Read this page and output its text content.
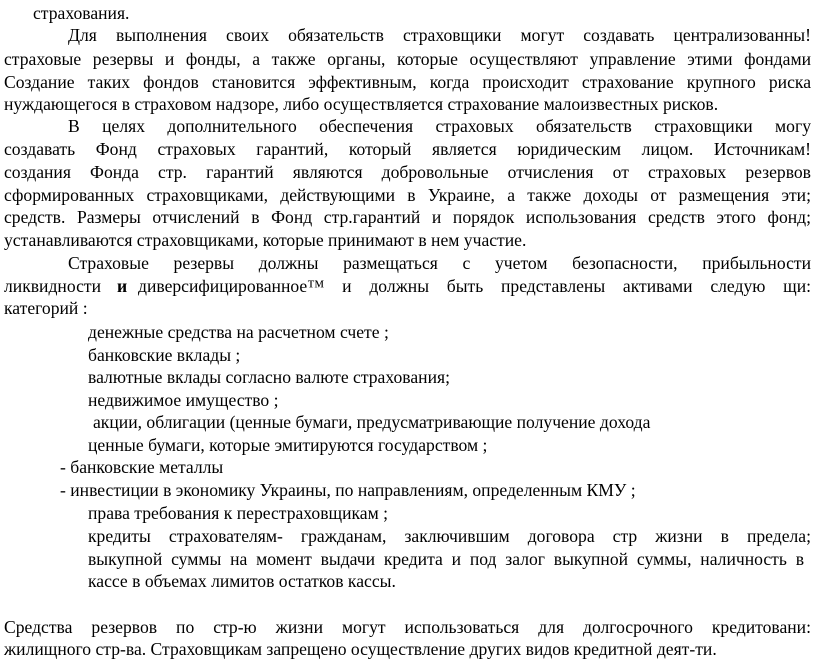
страхования.
Для выполнения своих обязательств страховщики могут создавать централизованны!
страховые резервы и фонды, а также органы, которые осуществляют управление этими фондами
Создание таких фондов становится эффективным, когда происходит страхование крупного риска
нуждающегося в страховом надзоре, либо осуществляется страхование малоизвестных рисков.
В целях дополнительного обеспечения страховых обязательств страховщики могу
создавать Фонд страховых гарантий, который является юридическим лицом. Источникам!
создания Фонда стр. гарантий являются добровольные отчисления от страховых резервов
сформированных страховщиками, действующими в Украине, а также доходы от размещения эти;
средств. Размеры отчислений в Фонд стр.гарантий и порядок использования средств этого фонд;
устанавливаются страховщиками, которые принимают в нем участие.
Страховые резервы должны размещаться с учетом безопасности, прибыльности
ликвидности и диверсифицированное™ и должны быть представлены активами следую щи:
категорий :
денежные средства на расчетном счете ;
банковские вклады ;
валютные вклады согласно валюте страхования;
недвижимое имущество ;
акции, облигации (ценные бумаги, предусматривающие получение дохода
ценные бумаги, которые эмитируются государством ;
- банковские металлы
- инвестиции в экономику Украины, по направлениям, определенным КМУ ;
права требования к перестраховщикам ;
кредиты страхователям- гражданам, заключившим договора стр жизни в предела;
выкупной суммы на момент выдачи кредита и под залог выкупной суммы, наличность в
кассе в объемах лимитов остатков кассы.
Средства резервов по стр-ю жизни могут использоваться для долгосрочного кредитовани:
жилищного стр-ва. Страховщикам запрещено осуществление других видов кредитной деят-ти.
